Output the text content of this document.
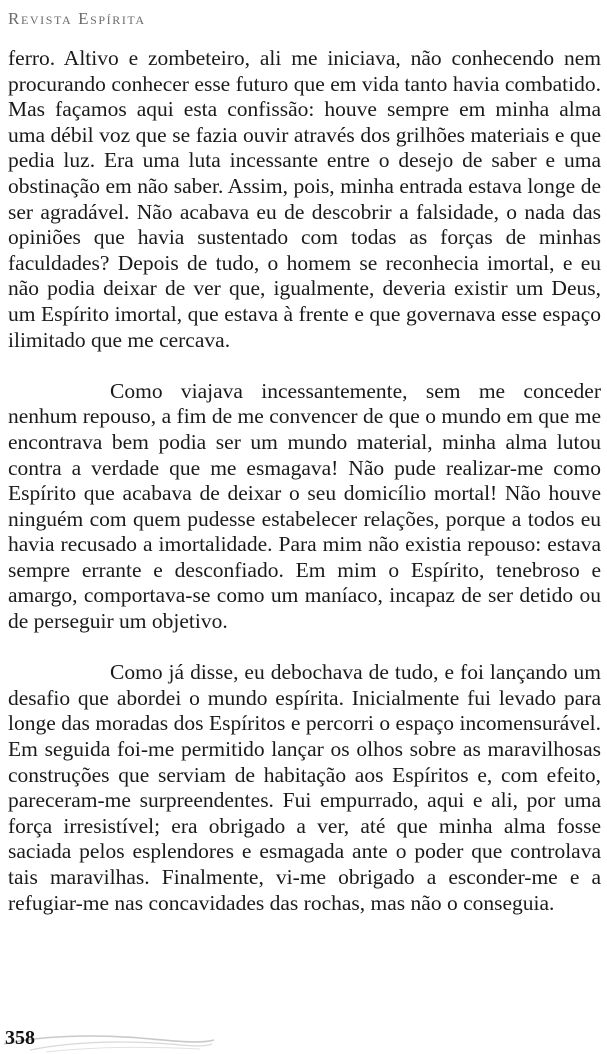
Revista Espírita

ferro. Altivo e zombeteiro, ali me iniciava, não conhecendo nem procurando conhecer esse futuro que em vida tanto havia combatido. Mas façamos aqui esta confissão: houve sempre em minha alma uma débil voz que se fazia ouvir através dos grilhões materiais e que pedia luz. Era uma luta incessante entre o desejo de saber e uma obstinação em não saber. Assim, pois, minha entrada estava longe de ser agradável. Não acabava eu de descobrir a falsidade, o nada das opiniões que havia sustentado com todas as forças de minhas faculdades? Depois de tudo, o homem se reconhecia imortal, e eu não podia deixar de ver que, igualmente, deveria existir um Deus, um Espírito imortal, que estava à frente e que governava esse espaço ilimitado que me cercava.

Como viajava incessantemente, sem me conceder nenhum repouso, a fim de me convencer de que o mundo em que me encontrava bem podia ser um mundo material, minha alma lutou contra a verdade que me esmagava! Não pude realizar-me como Espírito que acabava de deixar o seu domicílio mortal! Não houve ninguém com quem pudesse estabelecer relações, porque a todos eu havia recusado a imortalidade. Para mim não existia repouso: estava sempre errante e desconfiado. Em mim o Espírito, tenebroso e amargo, comportava-se como um maníaco, incapaz de ser detido ou de perseguir um objetivo.

Como já disse, eu debochava de tudo, e foi lançando um desafio que abordei o mundo espírita. Inicialmente fui levado para longe das moradas dos Espíritos e percorri o espaço incomensurável. Em seguida foi-me permitido lançar os olhos sobre as maravilhosas construções que serviam de habitação aos Espíritos e, com efeito, pareceram-me surpreendentes. Fui empurrado, aqui e ali, por uma força irresistível; era obrigado a ver, até que minha alma fosse saciada pelos esplendores e esmagada ante o poder que controlava tais maravilhas. Finalmente, vi-me obrigado a esconder-me e a refugiar-me nas concavidades das rochas, mas não o conseguia.

358
